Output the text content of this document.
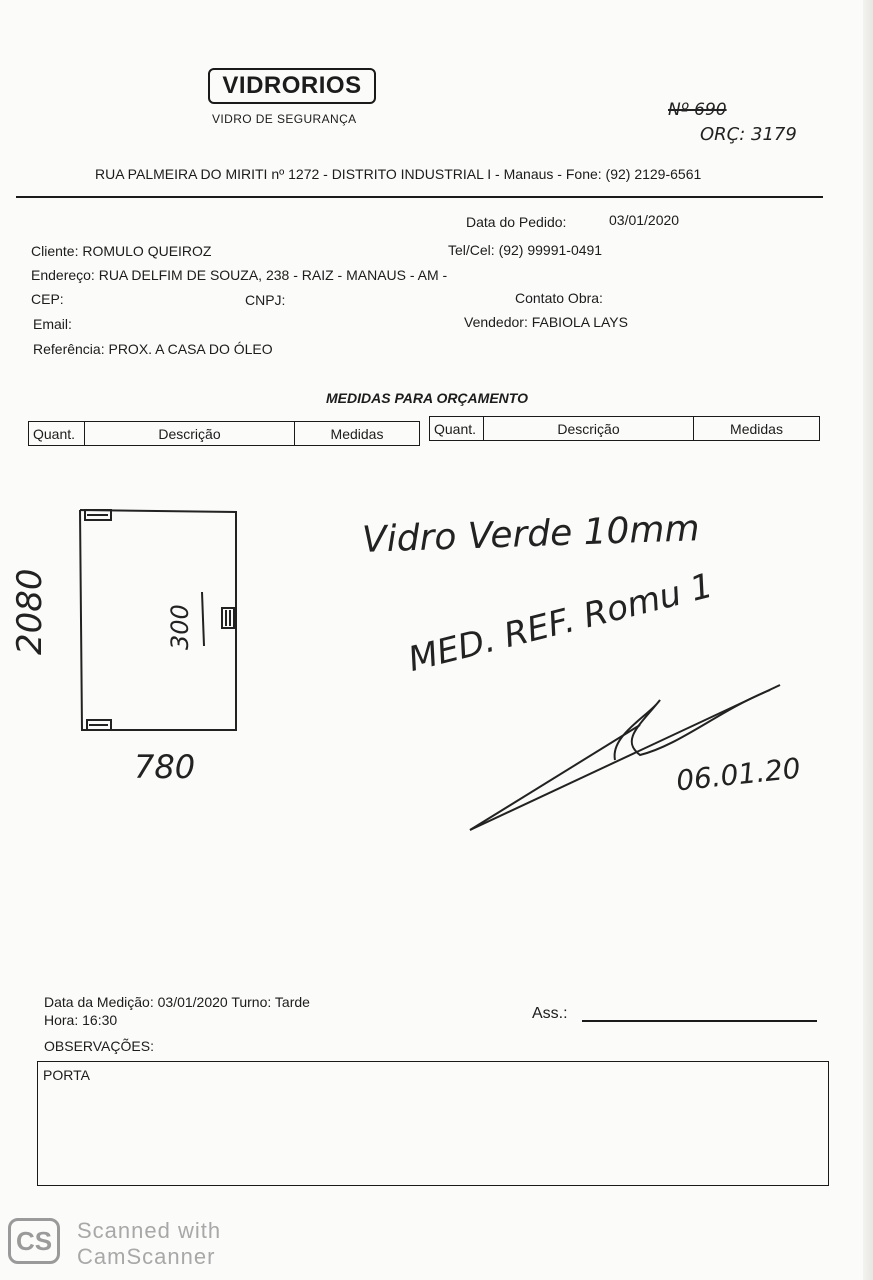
VIDRORIOS
VIDRO DE SEGURANÇA	Nº 690
ORÇ: 3179
RUA PALMEIRA DO MIRITI nº 1272 - DISTRITO INDUSTRIAL I - Manaus - Fone: (92) 2129-6561
Data do Pedido:	03/01/2020
Cliente: ROMULO QUEIROZ	Tel/Cel: (92) 99991-0491
Endereço: RUA DELFIM DE SOUZA, 238 - RAIZ - MANAUS - AM -
CEP:	CNPJ:	Contato Obra:
Email:	Vendedor: FABIOLA LAYS
Referência: PROX. A CASA DO ÓLEO
MEDIDAS PARA ORÇAMENTO
Quant.	Descrição	Medidas	Quant.	Descrição	Medidas
2080	300
780
Vidro Verde 10mm
MED. REF. Romu 1
06.01.20
Data da Medição: 03/01/2020 Turno: Tarde
Hora: 16:30	Ass.:
OBSERVAÇÕES:
PORTA
CS Scanned with
CamScanner
